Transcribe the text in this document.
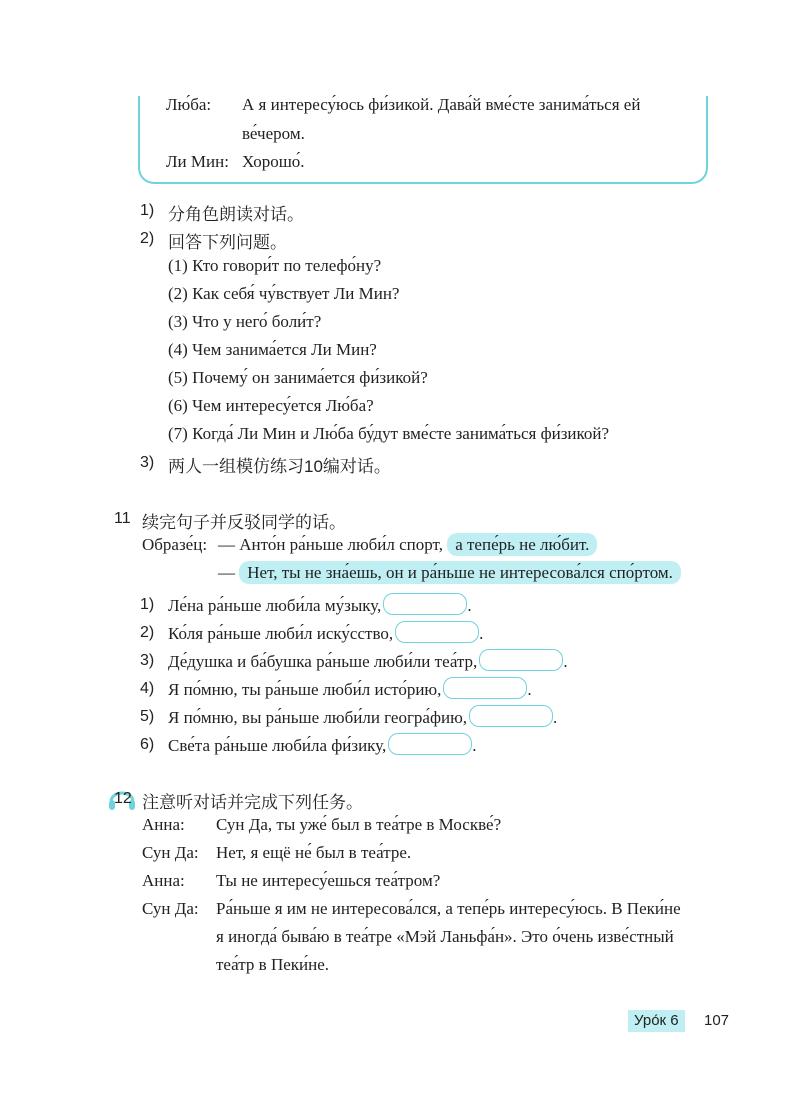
Лю́ба: А я интересу́юсь фи́зикой. Дава́й вме́сте занима́ться ей
ве́чером.
Ли Мин: Хорошо́.
1) 分角色朗读对话。
2) 回答下列问题。
(1) Кто говори́т по телефо́ну?
(2) Как себя́ чу́вствует Ли Мин?
(3) Что у него́ боли́т?
(4) Чем занима́ется Ли Мин?
(5) Почему́ он занима́ется фи́зикой?
(6) Чем интересу́ется Лю́ба?
(7) Когда́ Ли Мин и Лю́ба бу́дут вме́сте занима́ться фи́зикой?
3) 两人一组模仿练习10编对话。
11 续完句子并反驳同学的话。
Образе́ц: — Анто́н ра́ньше люби́л спорт, а тепе́рь не лю́бит.
— Нет, ты не зна́ешь, он и ра́ньше не интересова́лся спо́ртом.
1) Ле́на ра́ньше люби́ла му́зыку,	.
2) Ко́ля ра́ньше люби́л иску́сство,	.
3) Де́душка и ба́бушка ра́ньше люби́ли теа́тр,	.
4) Я по́мню, ты ра́ньше люби́л исто́рию,	.
5) Я по́мню, вы ра́ньше люби́ли геогра́фию,	.
6) Све́та ра́ньше люби́ла фи́зику,	.
12 注意听对话并完成下列任务。
Анна: Сун Да, ты уже́ был в теа́тре в Москве́?
Сун Да: Нет, я ещё не́ был в теа́тре.
Анна: Ты не интересу́ешься теа́тром?
Сун Да: Ра́ньше я им не интересова́лся, а тепе́рь интересу́юсь. В Пеки́не
я иногда́ быва́ю в теа́тре «Мэй Ланьфа́н». Это о́чень изве́стный
теа́тр в Пеки́не.
Уро́к 6	107
